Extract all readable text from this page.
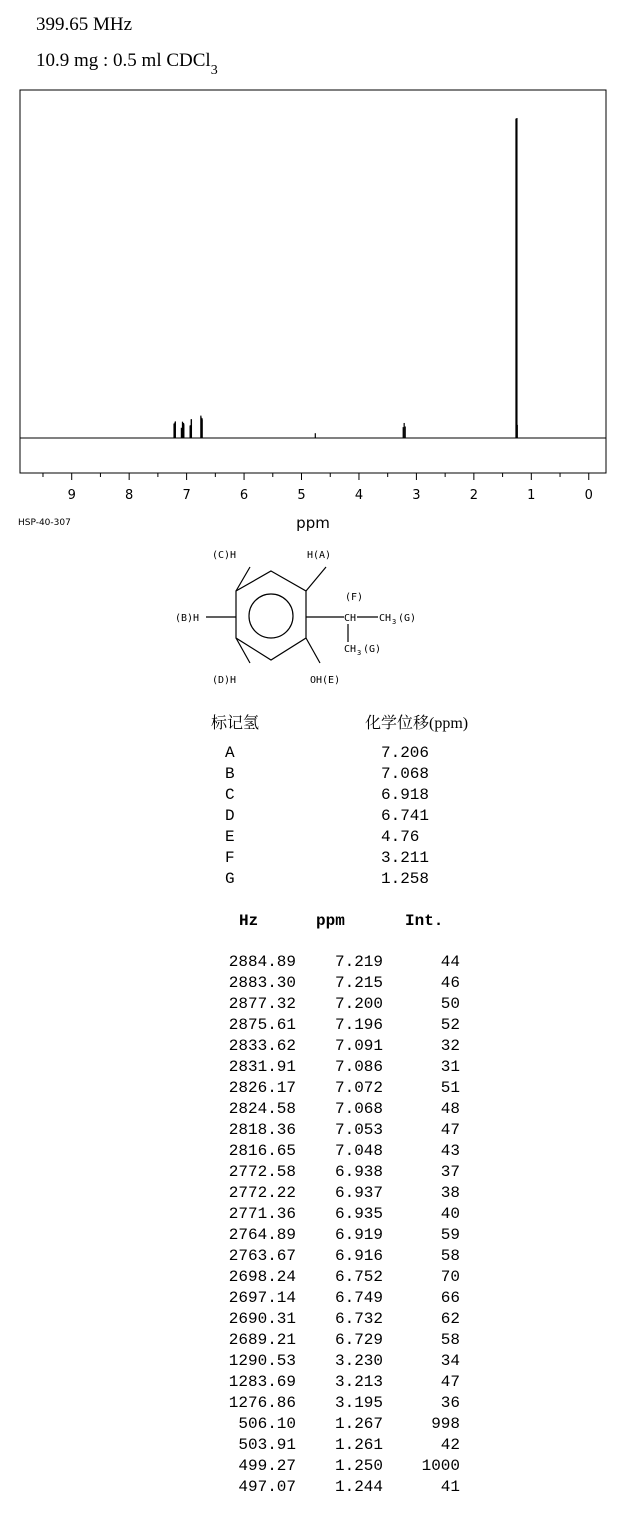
399.65 MHz
10.9 mg : 0.5 ml CDCl$_3$
9	8	7	6	5	4	3	2	1	0
ppm
HSP-40-307
(C)H	H(A)
(B)H
(D)H	OH(E)
(F)
CH CH 3 (G)
CH 3 (G)
标记氢	化学位移(ppm)
A	7.206
B	7.068
C	6.918
D	6.741
E	4.76
F	3.211
G	1.258
Hz	ppm	Int.
2884.89 7.219	44
2883.30 7.215	46
2877.32 7.200	50
2875.61 7.196	52
2833.62 7.091	32
2831.91 7.086	31
2826.17 7.072	51
2824.58 7.068	48
2818.36 7.053	47
2816.65 7.048	43
2772.58 6.938	37
2772.22 6.937	38
2771.36 6.935	40
2764.89 6.919	59
2763.67 6.916	58
2698.24 6.752	70
2697.14 6.749	66
2690.31 6.732	62
2689.21 6.729	58
1290.53 3.230	34
1283.69 3.213	47
1276.86 3.195	36
506.10 1.267	998
503.91 1.261	42
499.27 1.250 1000
497.07 1.244	41
